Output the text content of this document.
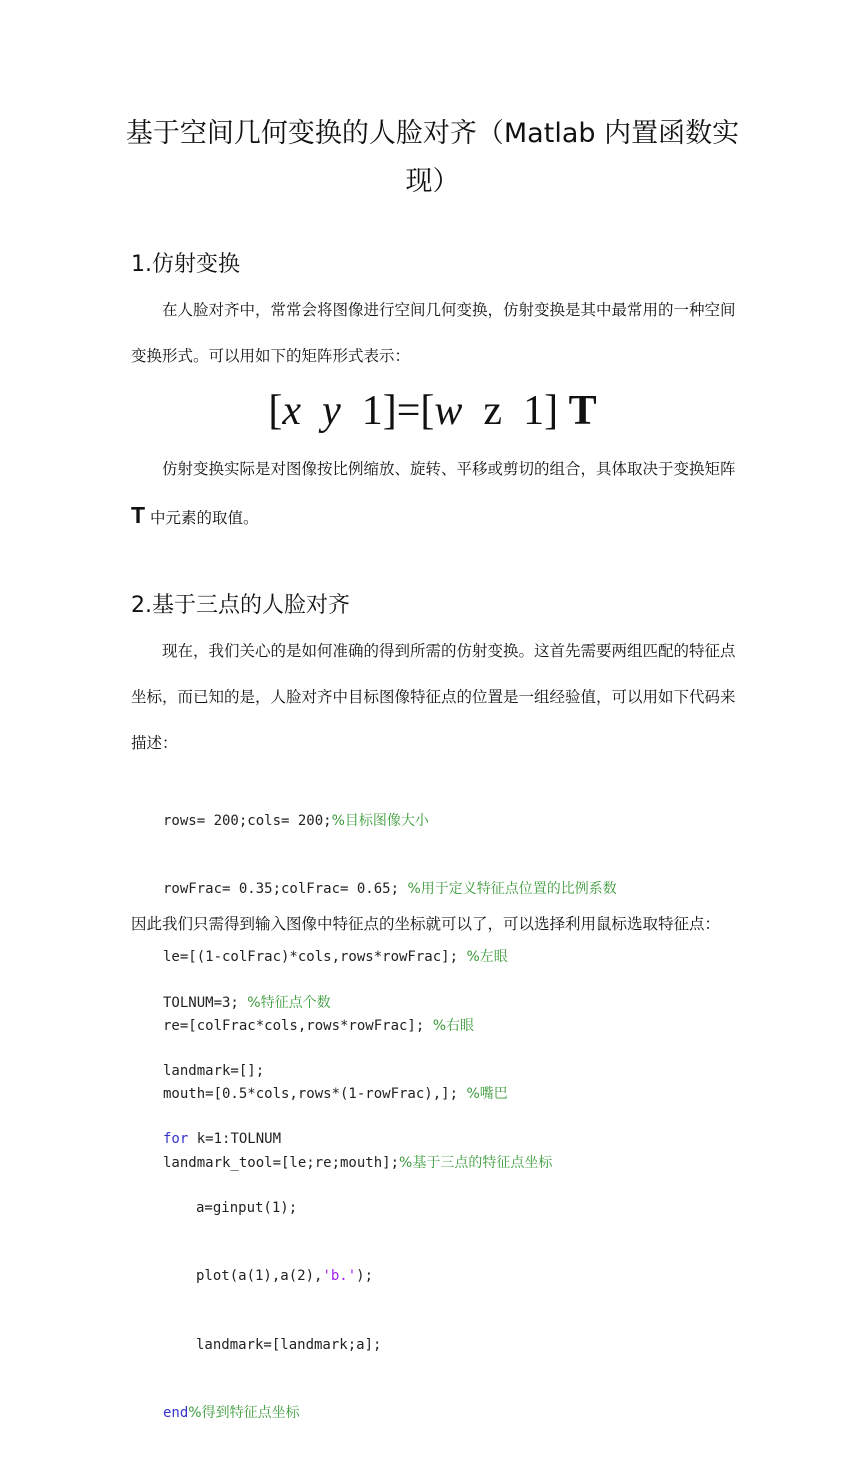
基于空间几何变换的人脸对齐（Matlab 内置函数实现）
1.仿射变换

在人脸对齐中，常常会将图像进行空间几何变换，仿射变换是其中最常用的一种空间变换形式。可以用如下的矩阵形式表示：

[x y 1]=[w z 1] T

仿射变换实际是对图像按比例缩放、旋转、平移或剪切的组合，具体取决于变换矩阵 T 中元素的取值。

2.基于三点的人脸对齐

现在，我们关心的是如何准确的得到所需的仿射变换。这首先需要两组匹配的特征点坐标，而已知的是，人脸对齐中目标图像特征点的位置是一组经验值，可以用如下代码来描述：

rows= 200;cols= 200;%目标图像大小

rowFrac= 0.35;colFrac= 0.65; %用于定义特征点位置的比例系数

le=[(1-colFrac)*cols,rows*rowFrac]; %左眼

re=[colFrac*cols,rows*rowFrac]; %右眼

mouth=[0.5*cols,rows*(1-rowFrac),]; %嘴巴

landmark_tool=[le;re;mouth];%基于三点的特征点坐标

因此我们只需得到输入图像中特征点的坐标就可以了，可以选择利用鼠标选取特征点：

TOLNUM=3; %特征点个数

landmark=[];

for k=1:TOLNUM

a=ginput(1);

plot(a(1),a(2),'b.');

landmark=[landmark;a];

end%得到特征点坐标
